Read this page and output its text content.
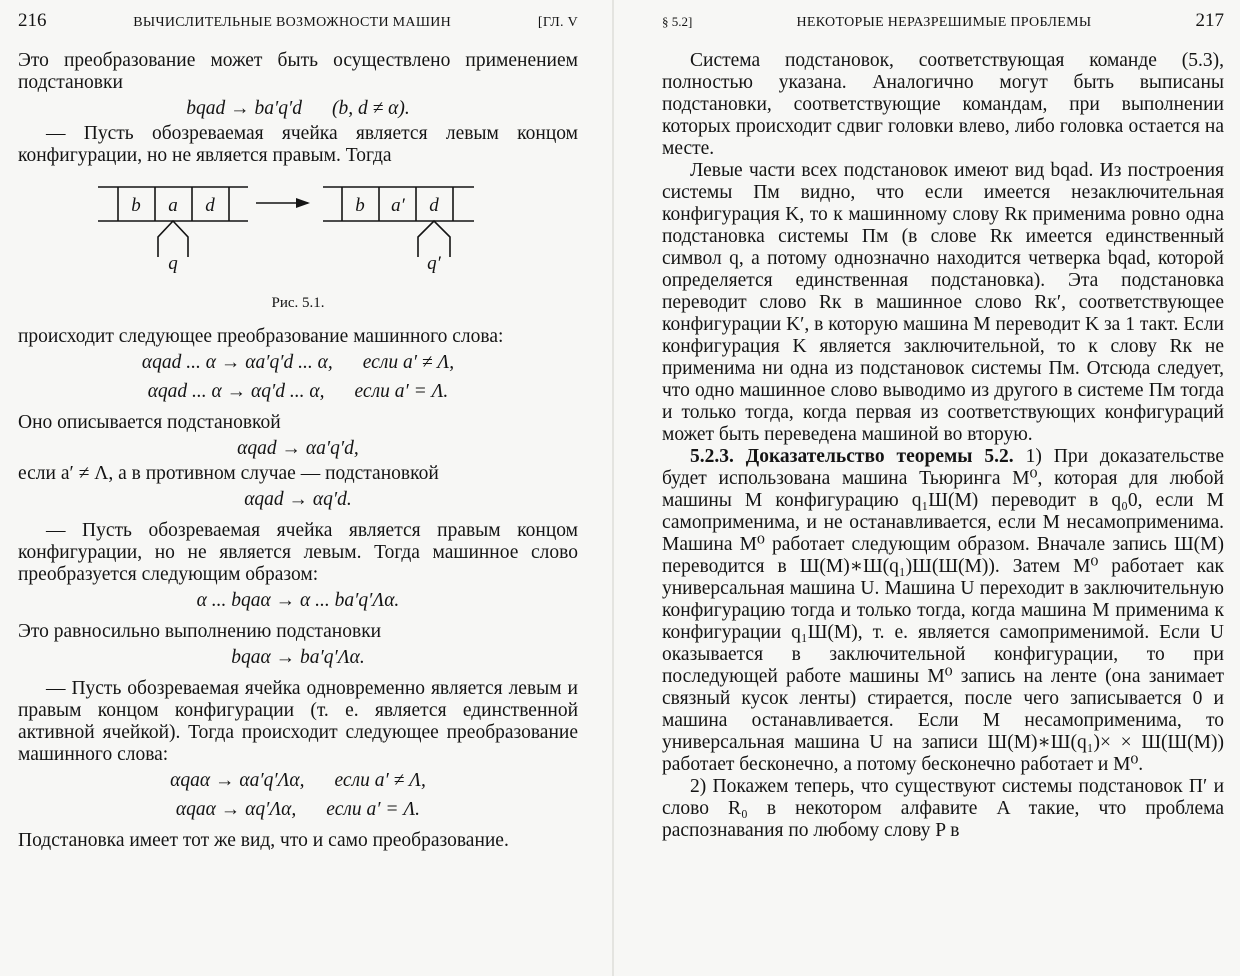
216	ВЫЧИСЛИТЕЛЬНЫЕ ВОЗМОЖНОСТИ МАШИН	[ГЛ. V

Это преобразование может быть осуществлено применением подстановки

bqad → ba′q′d (b, d ≠ α).

— Пусть обозреваемая ячейка является левым концом конфигурации, но не является правым. Тогда

b a d
q
b a′ d
q′
Рис. 5.1.

происходит следующее преобразование машинного слова:

αqad ... α → αa′q′d ... α, если a′ ≠ Λ,
αqad ... α → αq′d ... α, если a′ = Λ.

Оно описывается подстановкой

αqad → αa′q′d,

если a′ ≠ Λ, а в противном случае — подстановкой

αqad → αq′d.

— Пусть обозреваемая ячейка является правым концом конфигурации, но не является левым. Тогда машинное слово преобразуется следующим образом:

α ... bqaα → α ... ba′q′Λα.

Это равносильно выполнению подстановки

bqaα → ba′q′Λα.

— Пусть обозреваемая ячейка одновременно является левым и правым концом конфигурации (т. е. является единственной активной ячейкой). Тогда происходит следующее преобразование машинного слова:

αqaα → αa′q′Λα, если a′ ≠ Λ,
αqaα → αq′Λα, если a′ = Λ.

Подстановка имеет тот же вид, что и само преобразование.

§ 5.2]	НЕКОТОРЫЕ НЕРАЗРЕШИМЫЕ ПРОБЛЕМЫ	217

Система подстановок, соответствующая команде (5.3), полностью указана. Аналогично могут быть выписаны подстановки, соответствующие командам, при выполнении которых происходит сдвиг головки влево, либо головка остается на месте.

Левые части всех подстановок имеют вид bqad. Из построения системы Пм видно, что если имеется незаключительная конфигурация K, то к машинному слову Rк применима ровно одна подстановка системы Пм (в слове Rк имеется единственный символ q, а потому однозначно находится четверка bqad, которой определяется единственная подстановка). Эта подстановка переводит слово Rк в машинное слово Rк′, соответствующее конфигурации K′, в которую машина M переводит K за 1 такт. Если конфигурация K является заключительной, то к слову Rк не применима ни одна из подстановок системы Пм. Отсюда следует, что одно машинное слово выводимо из другого в системе Пм тогда и только тогда, когда первая из соответствующих конфигураций может быть переведена машиной во вторую.

5.2.3. Доказательство теоремы 5.2. 1) При доказательстве будет использована машина Тьюринга M⁰, которая для любой машины M конфигурацию q₁Ш(M) переводит в q₀0, если M самоприменима, и не останавливается, если M несамоприменима. Машина M⁰ работает следующим образом. Вначале запись Ш(M) переводится в Ш(M)∗Ш(q₁)Ш(Ш(M)). Затем M⁰ работает как универсальная машина U. Машина U переходит в заключительную конфигурацию тогда и только тогда, когда машина M применима к конфигурации q₁Ш(M), т. е. является самоприменимой. Если U оказывается в заключительной конфигурации, то при последующей работе машины M⁰ запись на ленте (она занимает связный кусок ленты) стирается, после чего записывается 0 и машина останавливается. Если M несамоприменима, то универсальная машина U на записи Ш(M)∗Ш(q₁)× × Ш(Ш(M)) работает бесконечно, а потому бесконечно работает и M⁰.

2) Покажем теперь, что существуют системы подстановок П′ и слово R₀ в некотором алфавите A такие, что проблема распознавания по любому слову P в
